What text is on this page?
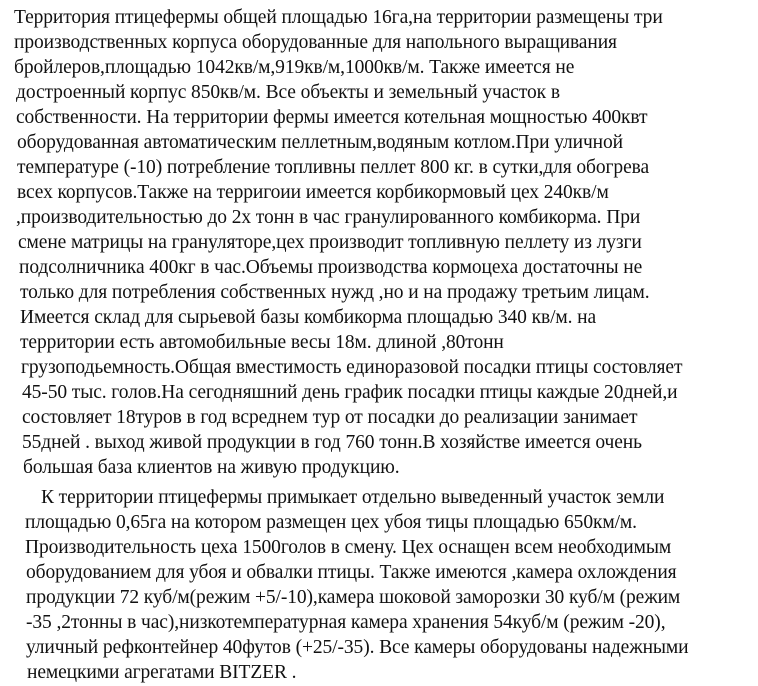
Территория птицефермы общей площадью 16га,на территории размещены три
производственных корпуса оборудованные для напольного выращивания
бройлеров,площадью 1042кв/м,919кв/м,1000кв/м. Также имеется не
достроенный корпус 850кв/м. Все объекты и земельный участок в
собственности. На территории фермы имеется котельная мощностью 400квт
оборудованная автоматическим пеллетным,водяным котлом.При уличной
температуре (-10) потребление топливны пеллет 800 кг. в сутки,для обогрева
всех корпусов.Также на терригоии имеется корбикормовый цех 240кв/м
,производительностью до 2х тонн в час гранулированного комбикорма. При
смене матрицы на грануляторе,цех производит топливную пеллету из лузги
подсолничника 400кг в час.Объемы производства кормоцеха достаточны не
только для потребления собственных нужд ,но и на продажу третьим лицам.
Имеется склад для сырьевой базы комбикорма площадью 340 кв/м. на
территории есть автомобильные весы 18м. длиной ,80тонн
грузоподьемность.Общая вместимость единоразовой посадки птицы состовляет
45-50 тыс. голов.На сегодняшний день график посадки птицы каждые 20дней,и
состовляет 18туров в год всреднем тур от посадки до реализации занимает
55дней . выход живой продукции в год 760 тонн.В хозяйстве имеется очень
большая база клиентов на живую продукцию.
К территории птицефермы примыкает отдельно выведенный участок земли
площадью 0,65га на котором размещен цех убоя тицы площадью 650км/м.
Производительность цеха 1500голов в смену. Цех оснащен всем необходимым
оборудованием для убоя и обвалки птицы. Также имеются ,камера охлождения
продукции 72 куб/м(режим +5/-10),камера шоковой заморозки 30 куб/м (режим
-35 ,2тонны в час),низкотемпературная камера хранения 54куб/м (режим -20),
уличный рефконтейнер 40футов (+25/-35). Все камеры оборудованы надежными
немецкими агрегатами BITZER .
